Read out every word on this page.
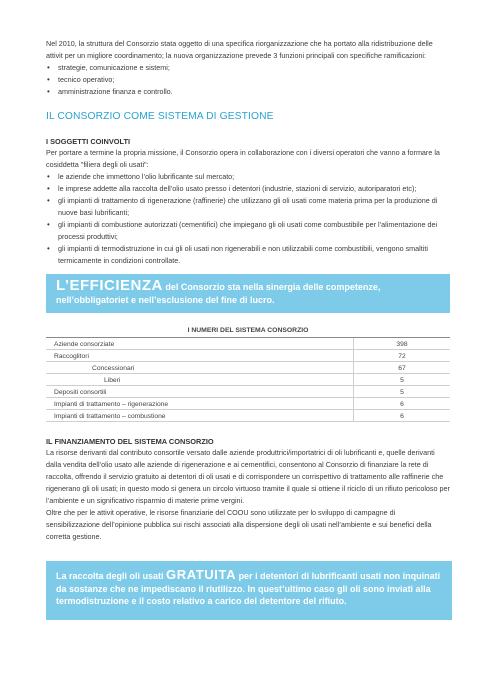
Nel 2010, la struttura del Consorzio stata oggetto di una specifica riorganizzazione che ha portato alla ridistribuzione delle attivit per un migliore coordinamento; la nuova organizzazione prevede 3 funzioni principali con specifiche ramificazioni:

• strategie, comunicazione e sistemi;
• tecnico operativo;
• amministrazione finanza e controllo.
IL CONSORZIO COME SISTEMA DI GESTIONE
I SOGGETTI COINVOLTI

Per portare a termine la propria missione, il Consorzio opera in collaborazione con i diversi operatori che vanno a formare la cosiddetta "filiera degli oli usati":

• le aziende che immettono l’olio lubrificante sul mercato;
• le imprese addette alla raccolta dell’olio usato presso i detentori (industrie, stazioni di servizio, autoriparatori etc);
• gli impianti di trattamento di rigenerazione (raffinerie) che utilizzano gli oli usati come materia prima per la produzione di nuove basi lubrificanti;
• gli impianti di combustione autorizzati (cementifici) che impiegano gli oli usati come combustibile per l’alimentazione dei processi produttivi;
• gli impianti di termodistruzione in cui gli oli usati non rigenerabili e non utilizzabili come combustibili, vengono smaltiti termicamente in condizioni controllate.
L’EFFICIENZA del Consorzio sta nella sinergia delle competenze,
nell’obbligatoriet e nell’esclusione del fine di lucro.
I NUMERI DEL SISTEMA CONSORZIO
Aziende consorziate	398
Raccoglitori	72
Concessionari	67
Liberi	5
Depositi consortili	5
Impianti di trattamento – rigenerazione	6
Impianti di trattamento – combustione	6
IL FINANZIAMENTO DEL SISTEMA CONSORZIO

La risorse derivanti dal contributo consortile versato dalle aziende produttrici/importatrici di oli lubrificanti e, quelle derivanti dalla vendita dell’olio usato alle aziende di rigenerazione e ai cementifici, consentono al Consorzio di finanziare la rete di raccolta, offrendo il servizio gratuito ai detentori di oli usati e di corrispondere un corrispettivo di trattamento alle raffinerie che rigenerano gli oli usati; in questo modo si genera un circolo virtuoso tramite il quale si ottiene il riciclo di un rifiuto pericoloso per l’ambiente e un significativo risparmio di materie prime vergini.

Oltre che per le attivit operative, le risorse finanziarie del COOU sono utilizzate per lo sviluppo di campagne di sensibilizzazione dell’opinione pubblica sui rischi associati alla dispersione degli oli usati nell’ambiente e sui benefici della corretta gestione.

La raccolta degli oli usati GRATUITA per i detentori di lubrificanti usati non inquinati da sostanze che ne impediscano il riutilizzo. In quest’ultimo caso gli oli sono inviati alla termodistruzione e il costo relativo a carico del detentore del rifiuto.
